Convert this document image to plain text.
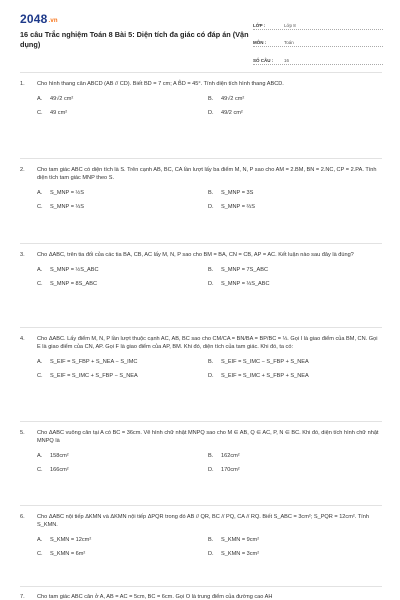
2048.vn
16 câu Trắc nghiệm Toán 8 Bài 5: Diện tích đa giác có đáp án (Vận dụng)
LỚP :	Lớp 8
MÔN :	Toán
SỐ CÂU :	16
1.	Cho hình thang cân ABCD (AB // CD). Biết BD = 7 cm; A B̂D = 45°. Tính diện tích hình thang ABCD.
A.	49√2 cm²	B.	49√2 cm²
C.	49 cm²	D.	49/2 cm²
2.	Cho tam giác ABC có diện tích là S. Trên cạnh AB, BC, CA lần lượt lấy ba điểm M, N, P sao cho AM = 2.BM, BN = 2.NC, CP = 2.PA. Tính diện tích tam giác MNP theo S.
A.	S_MNP = ½S	B.	S_MNP = 3S
C.	S_MNP = ⅓S	D.	S_MNP = ⅔S
3.	Cho ΔABC, trên tia đối của các tia BA, CB, AC lấy M, N, P sao cho BM = BA, CN = CB, AP = AC. Kết luận nào sau đây là đúng?
A.	S_MNP = ½S_ABC	B.	S_MNP = 7S_ABC
C.	S_MNP = 8S_ABC	D.	S_MNP = ⅓S_ABC
4.	Cho ΔABC. Lấy điểm M, N, P lần lượt thuộc cạnh AC, AB, BC sao cho CM/CA = BN/BA = BP/BC = ⅓. Gọi I là giao điểm của BM, CN. Gọi E là giao điểm của CN, AP. Gọi F là giao điểm của AP, BM. Khi đó, diện tích của tam giác. Khi đó, ta có:
A.	S_EIF = S_FBP + S_NEA − S_IMC	B.	S_EIF = S_IMC − S_FBP + S_NEA
C.	S_EIF = S_IMC + S_FBP − S_NEA	D.	S_EIF = S_IMC + S_FBP + S_NEA
5.	Cho ΔABC vuông cân tại A có BC = 36cm. Vẽ hình chữ nhật MNPQ sao cho M ∈ AB, Q ∈ AC, P, N ∈ BC. Khi đó, diện tích hình chữ nhật MNPQ là
A.	158cm²	B.	162cm²
C.	166cm²	D.	170cm²
6.	Cho ΔABC nội tiếp ΔKMN và ΔKMN nội tiếp ΔPQR trong đó AB // QR, BC // PQ, CA // RQ. Biết S_ABC = 3cm²; S_PQR = 12cm². Tính S_KMN.
A.	S_KMN = 12cm²	B.	S_KMN = 9cm²
C.	S_KMN = 6m²	D.	S_KMN = 3cm²
7.	Cho tam giác ABC cân ở A, AB = AC = 5cm, BC = 6cm. Gọi O là trung điểm của đường cao AH
